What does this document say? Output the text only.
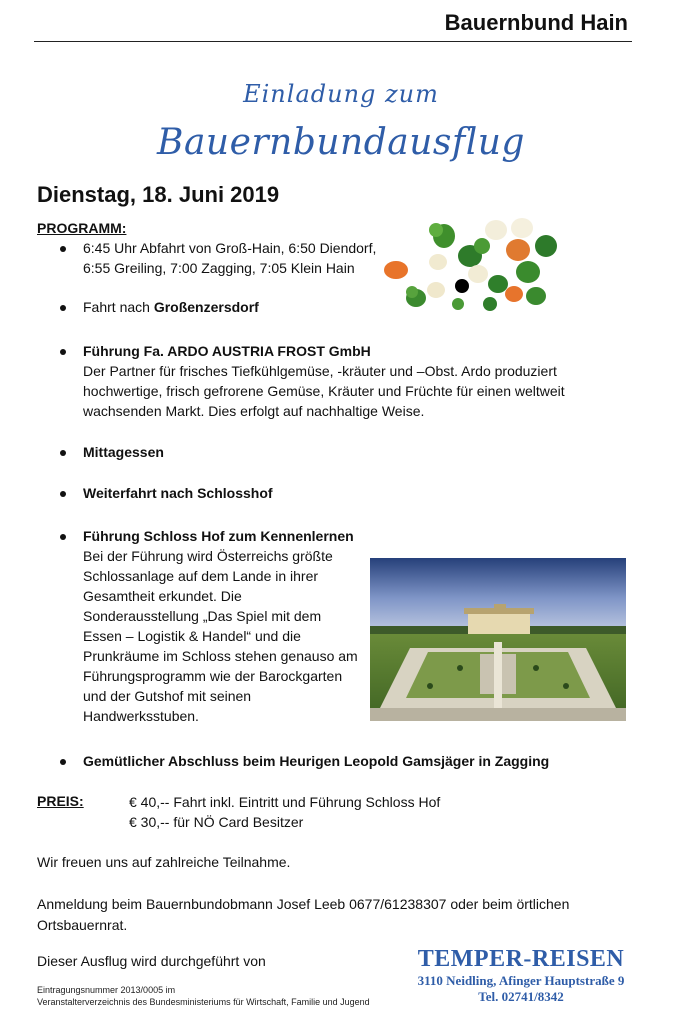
Bauernbund Hain
Einladung zum
Bauernbundausflug
Dienstag, 18. Juni 2019
PROGRAMM:
6:45 Uhr Abfahrt von Groß-Hain, 6:50 Diendorf,
6:55 Greiling, 7:00 Zagging, 7:05 Klein Hain
Fahrt nach Großenzersdorf
Führung Fa. ARDO AUSTRIA FROST GmbH
Der Partner für frisches Tiefkühlgemüse, -kräuter und –Obst. Ardo produziert
hochwertige, frisch gefrorene Gemüse, Kräuter und Früchte für einen weltweit
wachsenden Markt. Dies erfolgt auf nachhaltige Weise.
Mittagessen
Weiterfahrt nach Schlosshof
Führung Schloss Hof zum Kennenlernen
Bei der Führung wird Österreichs größte
Schlossanlage auf dem Lande in ihrer
Gesamtheit erkundet. Die
Sonderausstellung „Das Spiel mit dem
Essen – Logistik & Handel“ und die
Prunkräume im Schloss stehen genauso am
Führungsprogramm wie der Barockgarten
und der Gutshof mit seinen
Handwerksstuben.
Gemütlicher Abschluss beim Heurigen Leopold Gamsjäger in Zagging
PREIS:	€ 40,-- Fahrt inkl. Eintritt und Führung Schloss Hof
€ 30,-- für NÖ Card Besitzer
Wir freuen uns auf zahlreiche Teilnahme.
Anmeldung beim Bauernbundobmann Josef Leeb 0677/61238307 oder beim örtlichen
Ortsbauernrat.
Dieser Ausflug wird durchgeführt von
Eintragungsnummer 2013/0005 im
Veranstalterverzeichnis des Bundesministeriums für Wirtschaft, Familie und Jugend
TEMPER-REISEN
3110 Neidling, Afinger Hauptstraße 9
Tel. 02741/8342
